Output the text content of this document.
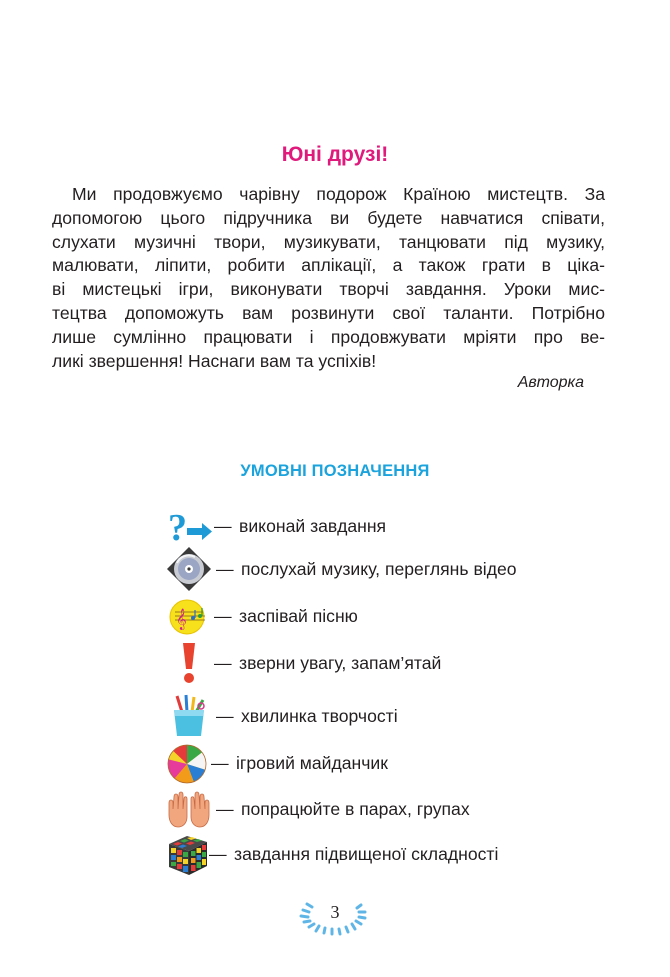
Юні друзі!
Ми продовжуємо чарівну подорож Країною мистецтв. За
допомогою цього підручника ви будете навчатися співати,
слухати музичні твори, музикувати, танцювати під музику,
малювати, ліпити, робити аплікації, а також грати в ціка-
ві мистецькі ігри, виконувати творчі завдання. Уроки мис-
тецтва допоможуть вам розвинути свої таланти. Потрібно
лише сумлінно працювати і продовжувати мріяти про ве-
ликі звершення! Наснаги вам та успіхів!
Авторка
УМОВНІ ПОЗНАЧЕННЯ
? — виконай завдання
— послухай музику, переглянь відео
𝄞 — заспівай пісню
— зверни увагу, запам’ятай
— хвилинка творчості
— ігровий майданчик
— попрацюйте в парах, групах
— завдання підвищеної складності
3
